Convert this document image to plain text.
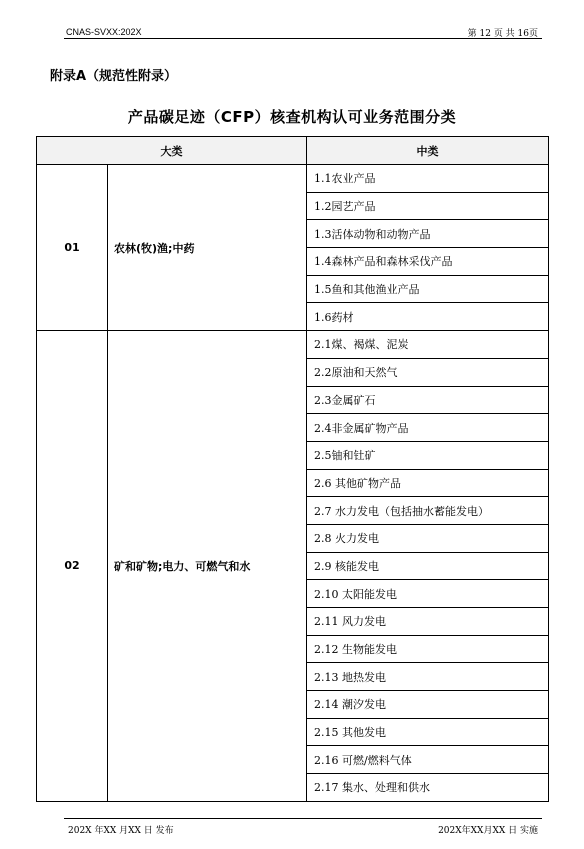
CNAS-SVXX:202X	第 12 页 共 16页
附录A（规范性附录）
产品碳足迹（CFP）核查机构认可业务范围分类
大类		中类
01	农林(牧)渔;中药	1.1农业产品
		1.2园艺产品
		1.3活体动物和动物产品
		1.4森林产品和森林采伐产品
		1.5鱼和其他渔业产品
		1.6药材
02	矿和矿物;电力、可燃气和水	2.1煤、褐煤、泥炭
		2.2原油和天然气
		2.3金属矿石
		2.4非金属矿物产品
		2.5铀和钍矿
		2.6 其他矿物产品
		2.7 水力发电（包括抽水蓄能发电）
		2.8 火力发电
		2.9 核能发电
		2.10 太阳能发电
		2.11 风力发电
		2.12 生物能发电
		2.13 地热发电
		2.14 潮汐发电
		2.15 其他发电
		2.16 可燃/燃料气体
		2.17 集水、处理和供水
202X 年XX 月XX 日 发布	202X年XX月XX 日 实施
